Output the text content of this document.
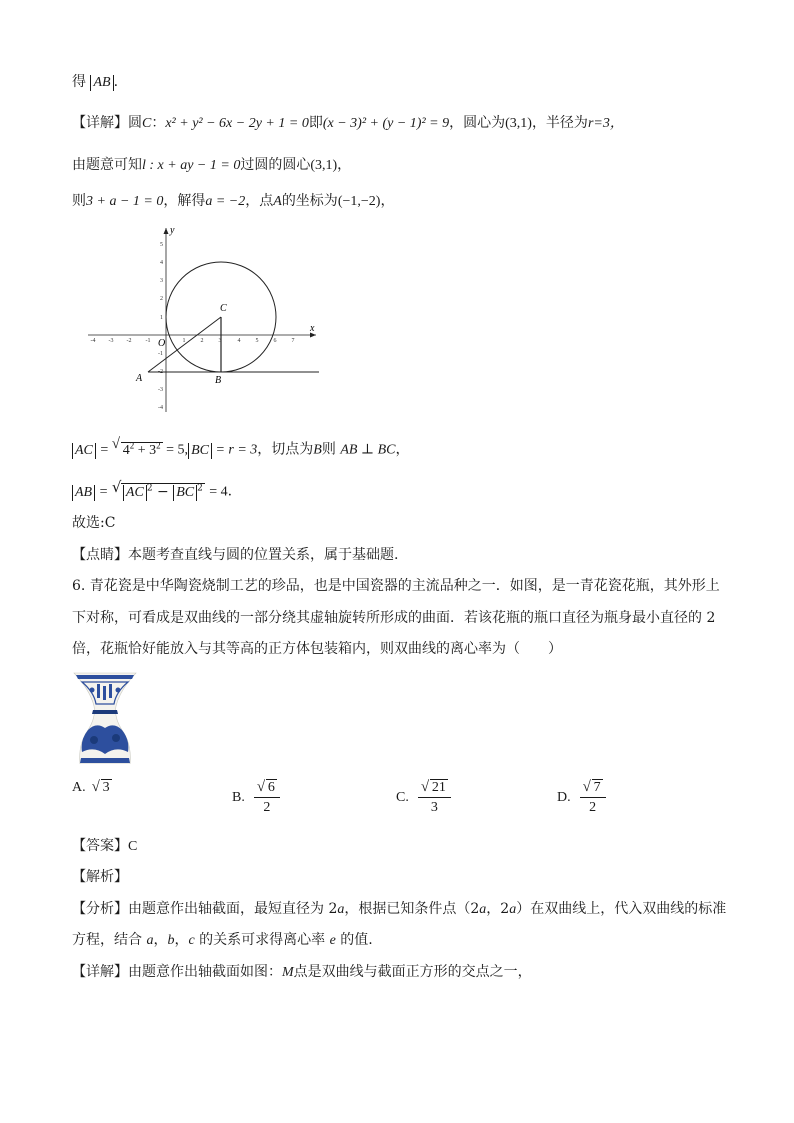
得 AB .
【详解】圆C：x² + y² − 6x − 2y + 1 = 0即(x − 3)² + (y − 1)² = 9，圆心为(3,1)，半径为r=3，
由题意可知l : x + ay − 1 = 0过圆的圆心(3,1)，
则3 + a − 1 = 0，解得a = −2，点A的坐标为(−1,−2)，
x
y
O
-4 -3 -2 -1	1	2	3	4	5	6	7
5
4
3
2
1
-1
-2
-3
-4
C
A	B
AC = √ $4^2 + 3^2 = 5$, BC = r = 3，切点为B则 AB ⊥ BC，
AB = √ AC $^2$ − BC $^2$ = 4.
故选:C
【点睛】本题考查直线与圆的位置关系，属于基础题.
6. 青花瓷是中华陶瓷烧制工艺的珍品，也是中国瓷器的主流品种之一．如图，是一青花瓷花瓶，其外形上
下对称，可看成是双曲线的一部分绕其虚轴旋转所形成的曲面．若该花瓶的瓶口直径为瓶身最小直径的 2
倍，花瓶恰好能放入与其等高的正方体包装箱内，则双曲线的离心率为（　　）
A. √ 3
B. $\frac{√ 6}{2}$	C. $\frac{√ 21}{3}$	D. $\frac{√ 7}{2}$
【答案】C
【解析】
【分析】由题意作出轴截面，最短直径为 2a，根据已知条件点（2a，2a）在双曲线上，代入双曲线的标准
方程，结合 a，b，c 的关系可求得离心率 e 的值.
【详解】由题意作出轴截面如图：M点是双曲线与截面正方形的交点之一，
